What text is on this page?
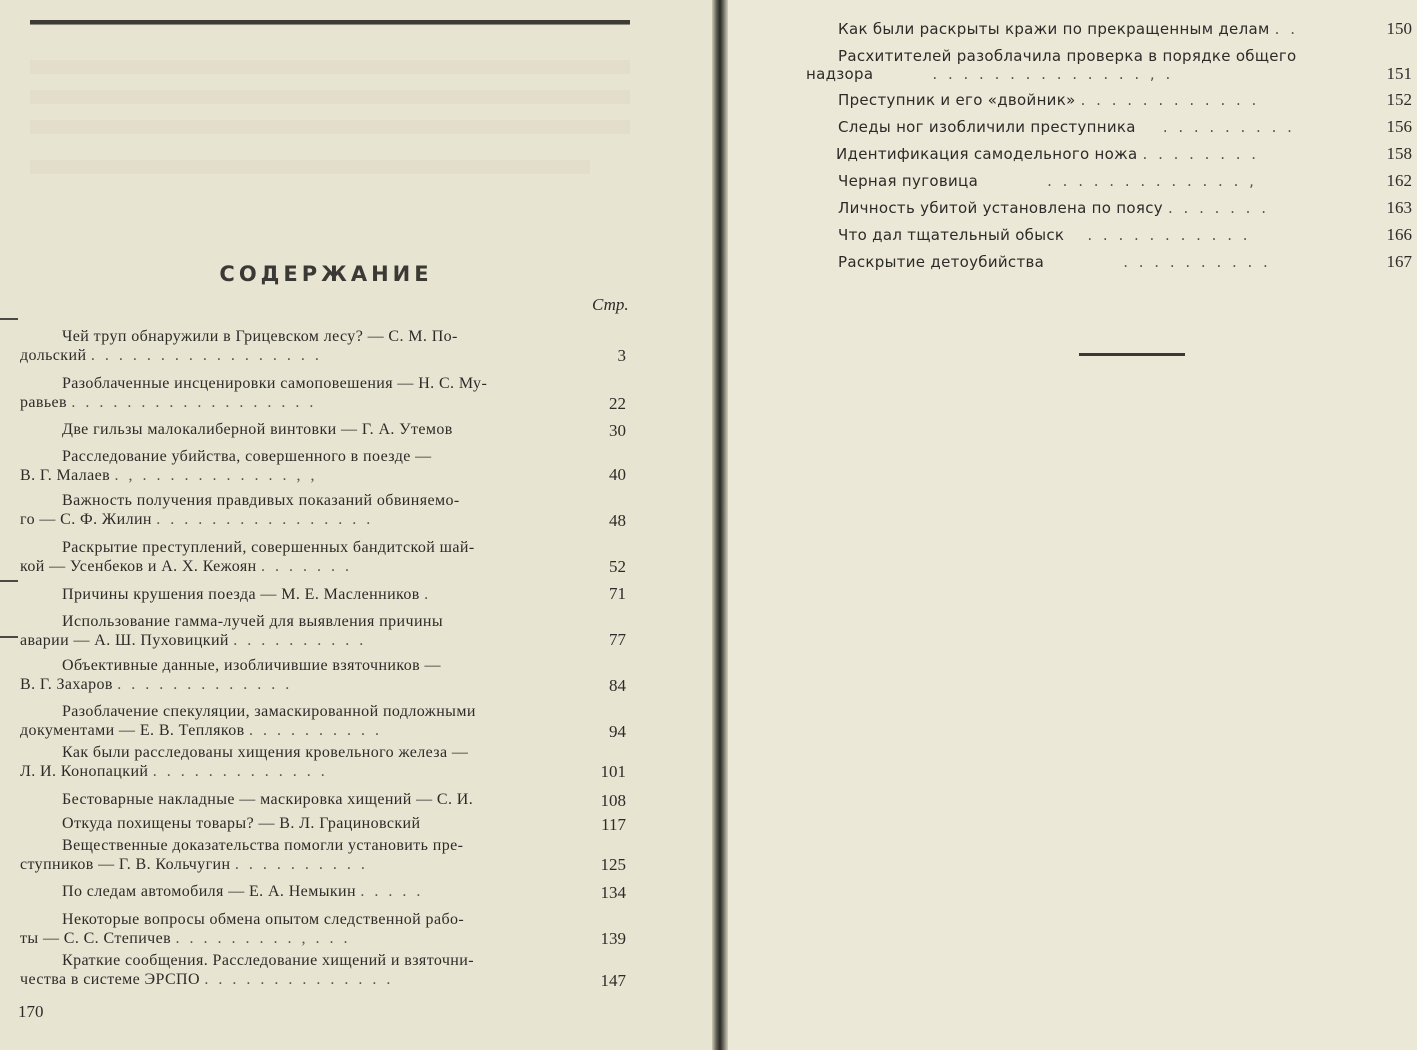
СОДЕРЖАНИЕ
Стр.
Чей труп обнаружили в Грицевском лесу? — С. М. По-
дольский . . . . . . . . . . . . . . . . .	3
Разоблаченные инсценировки самоповешения — Н. С. Му-
равьев . . . . . . . . . . . . . . . . . .	22
Две гильзы малокалиберной винтовки — Г. А. Утемов	30
Расследование убийства, совершенного в поезде —
В. Г. Малаев . , . . . . . . . . . . . , ,	40
Важность получения правдивых показаний обвиняемо-
го — С. Ф. Жилин . . . . . . . . . . . . . . . .	48
Раскрытие преступлений, совершенных бандитской шай-
кой — Усенбеков и А. Х. Кежоян . . . . . . .	52
Причины крушения поезда — М. Е. Масленников .	71
Использование гамма-лучей для выявления причины
аварии — А. Ш. Пуховицкий . . . . . . . . . .	77
Объективные данные, изобличившие взяточников —
В. Г. Захаров . . . . . . . . . . . . .	84
Разоблачение спекуляции, замаскированной подложными
документами — Е. В. Тепляков . . . . . . . . . .	94
Как были расследованы хищения кровельного железа —
Л. И. Конопацкий . . . . . . . . . . . . .	101
Бестоварные накладные — маскировка хищений — С. И.	108
Откуда похищены товары? — В. Л. Грациновский	117
Вещественные доказательства помогли установить пре-
ступников — Г. В. Кольчугин . . . . . . . . . .	125
По следам автомобиля — Е. А. Немыкин . . . . .	134
Некоторые вопросы обмена опытом следственной рабо-
ты — С. С. Степичев . . . . . . . . . , . . .	139
Краткие сообщения. Расследование хищений и взяточни-
чества в системе ЭРСПО . . . . . . . . . . . . . .	147
170
Как были раскрыты кражи по прекращенным делам . .	150
Расхитителей разоблачила проверка в порядке общего
надзора	. . . . . . . . . . . . . . , .	151
Преступник и его «двойник» . . . . . . . . . . . .	152
Следы ног изобличили преступника . . . . . . . . .	156
Идентификация самодельного ножа . . . . . . . .	158
Черная пуговица	. . . . . . . . . . . . . ,	162
Личность убитой установлена по поясу . . . . . . .	163
Что дал тщательный обыск . . . . . . . . . . .	166
Раскрытие детоубийства	. . . . . . . . . .	167
